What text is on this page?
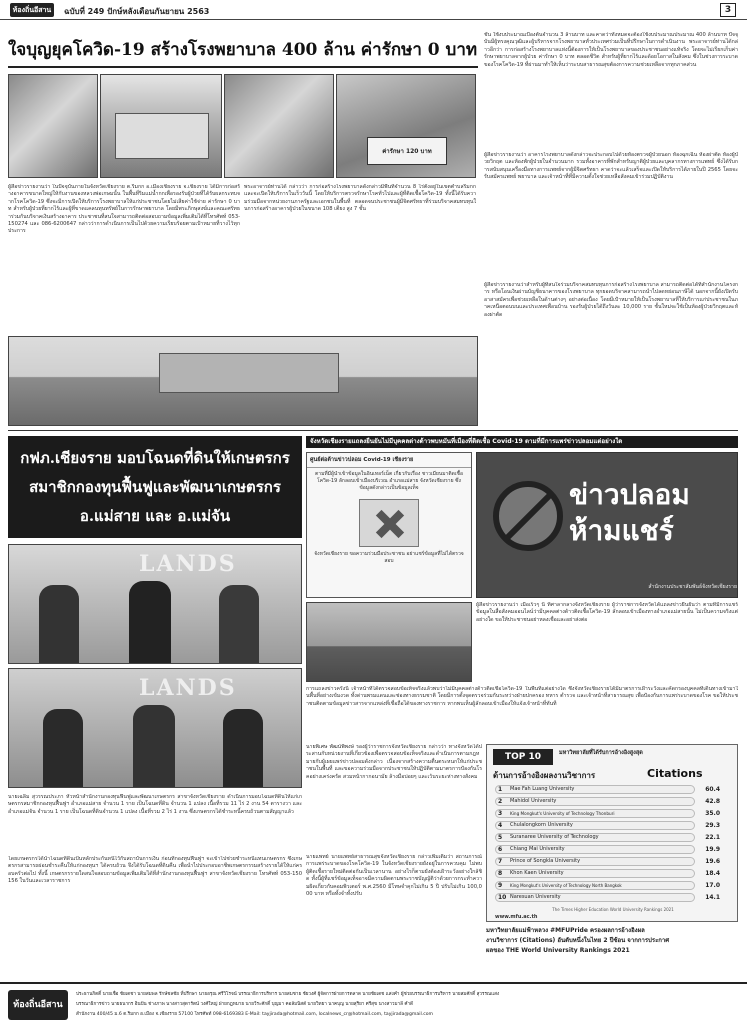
ท้องถิ่นอีสาน	ฉบับที่ 249 ปักษ์หลังเดือนกันยายน 2563	3
ใจบุญยุคโควิด-19 สร้างโรงพยาบาล 400 ล้าน ค่ารักษา 0 บาท
ค่ารักษา 120 บาท
ผู้สื่อข่าวรายงานว่า ในปัจจุบันภายในจังหวัดเชียงราย ต.ริมกก อ.เมืองเชียงราย จ.เชียงราย ได้มีการก่อสร้างอาคารขนาดใหญ่ให้กับงานของหลวงพ่อเกษมนั้น ในพื้นที่ริมแม่น้ำกกเพื่อรองรับผู้ป่วยที่ได้รับผลกระทบจากโรคโควิด-19 ซึ่งจะมีการเปิดให้บริการโรงพยาบาลให้แก่ประชาชนโดยไม่เสียค่าใช้จ่าย ค่ารักษา 0 บาท สำหรับผู้ป่วยที่ยากไร้และผู้ที่ขาดแคลนทุนทรัพย์ในการรักษาพยาบาล โดยมีพระภิกษุสงฆ์และคณะศรัทธาร่วมกันบริจาคเงินสร้างอาคาร ประชาชนที่สนใจสามารถติดต่อสอบถามข้อมูลเพิ่มเติมได้ที่โทรศัพท์ 053-150274 และ 086-6200647 กล่าวว่าการดำเนินการเป็นไปด้วยความเรียบร้อยตามเป้าหมายที่วางไว้ทุกประการ
พระอาจารย์ท่านได้ กล่าวว่า การก่อสร้างโรงพยาบาลดังกล่าวมีพื้นที่จำนวน 8 ไร่ตั้งอยู่ในเขตตำบลริมกก และจะเปิดให้บริการในเร็ววันนี้ โดยให้บริการตรวจรักษาโรคทั่วไปและผู้ที่ติดเชื้อโควิด-19 ทั้งนี้ได้รับความร่วมมือจากหน่วยงานภาครัฐและเอกชนในพื้นที่ ตลอดจนประชาชนผู้มีจิตศรัทธาที่ร่วมบริจาคสมทบทุนในการก่อสร้างอาคารผู้ป่วยในขนาด 108 เตียง สูง 7 ชั้น
ชั้น ใช้งบประมาณเบื้องต้นจำนวน 3 ล้านบาท และคาดว่าทั้งหมดจะต้องใช้งบประมาณประมาณ 400 ล้านบาท ปัจจุบันมีผู้ทรงคุณวุฒิและผู้บริหารจากโรงพยาบาลทั่วประเทศร่วมเป็นที่ปรึกษาในการดำเนินงาน พระอาจารย์ท่านได้กล่าวอีกว่า การก่อสร้างโรงพยาบาลแห่งนี้ต้องการให้เป็นโรงพยาบาลของประชาชนอย่างแท้จริง โดยจะไม่เรียกเก็บค่ารักษาพยาบาลจากผู้ป่วย ค่ารักษา 0 บาท ตลอดชีวิต สำหรับผู้ที่ยากไร้และด้อยโอกาสในสังคม ซึ่งในช่วงการระบาดของโรคโควิด-19 ที่ผ่านมาทำให้เห็นว่าระบบสาธารณสุขต้องการความช่วยเหลือจากทุกภาคส่วน
ผู้สื่อข่าวรายงานว่า อาคารโรงพยาบาลดังกล่าวจะประกอบไปด้วยห้องตรวจผู้ป่วยนอก ห้องฉุกเฉิน ห้องผ่าตัด ห้องผู้ป่วยวิกฤต และห้องพักผู้ป่วยในจำนวนมาก รวมทั้งอาคารที่พักสำหรับญาติผู้ป่วยและบุคลากรทางการแพทย์ ซึ่งได้รับการสนับสนุนเครื่องมือทางการแพทย์จากผู้มีจิตศรัทธา คาดว่าจะแล้วเสร็จและเปิดให้บริการได้ภายในปี 2565 โดยจะรับสมัครแพทย์ พยาบาล และเจ้าหน้าที่ที่มีความตั้งใจช่วยเหลือสังคมเข้าร่วมปฏิบัติงาน
ผู้สื่อข่าวรายงานว่าสำหรับผู้ที่สนใจร่วมบริจาคสมทบทุนการก่อสร้างโรงพยาบาล สามารถติดต่อได้ที่สำนักงานโครงการ หรือโอนเงินผ่านบัญชีธนาคารของโรงพยาบาล ทุกยอดบริจาคสามารถนำไปลดหย่อนภาษีได้ นอกจากนี้ยังเปิดรับอาสาสมัครเพื่อช่วยเหลือในด้านต่างๆ อย่างต่อเนื่อง โดยมีเป้าหมายให้เป็นโรงพยาบาลที่ให้บริการแก่ประชาชนในภาคเหนือตอนบนและประเทศเพื่อนบ้าน รองรับผู้ป่วยได้ถึงวันละ 10,000 ราย ชั้นใหม่จะใช้เป็นห้องผู้ป่วยวิกฤตและห้องผ่าตัด
กฟภ.เชียงราย มอบโฉนดที่ดินให้เกษตรกร
สมาชิกกองทุนฟื้นฟูและพัฒนาเกษตรกร
อ.แม่สาย และ อ.แม่จัน
LANDS
LANDS
นายเฉลิม สุวรรณประภา หัวหน้าสำนักงานกองทุนฟื้นฟูและพัฒนาเกษตรกร สาขาจังหวัดเชียงราย ดำเนินการมอบโฉนดที่ดินให้แก่เกษตรกรสมาชิกกองทุนฟื้นฟูฯ อำเภอแม่สาย จำนวน 1 ราย เป็นโฉนดที่ดิน จำนวน 1 แปลง เนื้อที่รวม 11 ไร่ 2 งาน 54 ตารางวา และอำเภอแม่จัน จำนวน 1 ราย เป็นโฉนดที่ดินจำนวน 1 แปลง เนื้อที่รวม 2 ไร่ 1 งาน ซึ่งเกษตรกรได้ชำระหนี้ครบถ้วนตามสัญญาแล้ว
โดยเกษตรกรได้นำโฉนดที่ดินเป็นหลักประกันหนี้ไว้กับสถาบันการเงิน ก่อนที่กองทุนฟื้นฟูฯ จะเข้าไปช่วยชำระหนี้แทนเกษตรกร ซึ่งเกษตรกรสามารถผ่อนชำระคืนให้แก่กองทุนฯ ได้ครบถ้วน จึงได้รับโฉนดที่ดินคืน เพื่อนำไปประกอบอาชีพเกษตรกรรมสร้างรายได้ให้แก่ครอบครัวต่อไป ทั้งนี้ เกษตรกรรายใดสนใจสอบถามข้อมูลเพิ่มเติมได้ที่สำนักงานกองทุนฟื้นฟูฯ สาขาจังหวัดเชียงราย โทรศัพท์ 053-150156 ในวันและเวลาราชการ
จังหวัดเชียงรายแถลงยืนยันไม่มีบุคคลต่างด้าวพบหมันที่เมืองที่ติดเชื้อ Covid-19 ตามที่มีการแพร่ข่าวปลอมแต่อย่างใด
ศูนย์ต่อต้านข่าวปลอม Covid-19 เชียงราย
ตามที่มีผู้นำเข้าข้อมูลในอินเทอร์เน็ต เกี่ยวกับเรื่อง ชาวเมียนมาติดเชื้อโควิด-19 ลักลอบเข้าเมืองบริเวณ อำเภอแม่สาย จังหวัดเชียงราย ซึ่งข้อมูลดังกล่าวเป็นข้อมูลเท็จ
จังหวัดเชียงราย ขอความร่วมมือประชาชน อย่าแชร์ข้อมูลที่ไม่ได้ตรวจสอบ
ข่าวปลอม
ห้ามแชร์
สำนักงานประชาสัมพันธ์จังหวัดเชียงราย
ผู้สื่อข่าวรายงานว่า เมื่อเร็วๆ นี้ ที่ศาลากลางจังหวัดเชียงราย ผู้ว่าราชการจังหวัดได้แถลงข่าวยืนยันว่า ตามที่มีการแชร์ข้อมูลในสื่อสังคมออนไลน์ว่ามีบุคคลต่างด้าวติดเชื้อโควิด-19 ลักลอบเข้าเมืองทางอำเภอแม่สายนั้น ไม่เป็นความจริงแต่อย่างใด ขอให้ประชาชนอย่าหลงเชื่อและอย่าส่งต่อ
การแถลงข่าวครั้งนี้ เจ้าหน้าที่ได้ตรวจสอบข้อเท็จจริงแล้วพบว่าไม่มีบุคคลต่างด้าวติดเชื้อโควิด-19 ในพื้นที่แต่อย่างใด ซึ่งจังหวัดเชียงรายได้มีมาตรการเฝ้าระวังและคัดกรองบุคคลที่เดินทางเข้ามาในพื้นที่อย่างเข้มงวด ทั้งด่านพรมแดนและช่องทางธรรมชาติ โดยมีการตั้งจุดตรวจร่วมกันระหว่างฝ่ายปกครอง ทหาร ตำรวจ และเจ้าหน้าที่สาธารณสุข เพื่อป้องกันการแพร่ระบาดของโรค ขอให้ประชาชนติดตามข้อมูลข่าวสารจากแหล่งที่เชื่อถือได้ของทางราชการ หากพบเห็นผู้ลักลอบเข้าเมืองให้แจ้งเจ้าหน้าที่ทันที
นายพิเศษ พัฒน์พิพงษ์ รองผู้ว่าราชการจังหวัดเชียงราย กล่าวว่า ทางจังหวัดได้ประสานกับหน่วยงานที่เกี่ยวข้องเพื่อตรวจสอบข้อเท็จจริงและดำเนินการตามกฎหมายกับผู้เผยแพร่ข่าวปลอมดังกล่าว เนื่องจากสร้างความตื่นตระหนกให้แก่ประชาชนในพื้นที่ และขอความร่วมมือจากประชาชนให้ปฏิบัติตามมาตรการป้องกันโรคอย่างเคร่งครัด สวมหน้ากากอนามัย ล้างมือบ่อยๆ และเว้นระยะห่างทางสังคม
นายแพทย์ นายแพทย์สาธารณสุขจังหวัดเชียงราย กล่าวเพิ่มเติมว่า สถานการณ์การแพร่ระบาดของโรคโควิด-19 ในจังหวัดเชียงรายยังอยู่ในการควบคุม ไม่พบผู้ติดเชื้อรายใหม่ติดต่อกันเป็นเวลานาน อย่างไรก็ตามยังต้องเฝ้าระวังอย่างใกล้ชิด ทั้งนี้ผู้ที่แชร์ข้อมูลเท็จอาจมีความผิดตามพระราชบัญญัติว่าด้วยการกระทำความผิดเกี่ยวกับคอมพิวเตอร์ พ.ศ.2560 มีโทษจำคุกไม่เกิน 5 ปี ปรับไม่เกิน 100,000 บาท หรือทั้งจำทั้งปรับ
TOP 10	มหาวิทยาลัยที่ได้รับการอ้างอิงสูงสุด
ด้านการอ้างอิงผลงานวิชาการ	Citations
1 Mae Fah Luang University	60.4
2 Mahidol University	42.8
3 King Mongkut's University of Technology Thonburi	35.0
4 Chulalongkorn University	29.3
5 Suranaree University of Technology	22.1
6 Chiang Mai University	19.9
7 Prince of Songkla University	19.6
8 Khon Kaen University	18.4
9 King Mongkut's University of Technology North Bangkok	17.0
10 Naresuan University	14.1
The Times Higher Education World University Rankings 2021
www.mfu.ac.th
มหาวิทยาลัยแม่ฟ้าหลวง #MFUPride ครองผลการอ้างอิงผล
งานวิชาการ (Citations) อันดับหนึ่งในไทย 2 ปีซ้อน จากการประกาศ
ผลของ THE World University Rankings 2021
ท้องถิ่นอีสาน
ประธานกิตติ์ นายเชื่อ ชัยเดชา นายสมพล รักษ์ชลชัย ที่ปรึกษา นายอรุณ ศรีวิโรจน์ บรรณาธิการบริหาร นายสมชาย ชัยวงศ์ ผู้จัดการฝ่ายการตลาด นายชัยเดช แสงคำ ผู้ช่วยบรรณาธิการบริหาร นายสมศักดิ์ สุวรรณแสง
บรรณาธิการข่าว นายธนากร อินปัน ช่างภาพ นางสาวสุดารัตน์ วงศ์ใหญ่ ฝ่ายกฎหมาย นายวีระศักดิ์ บุญมา คอลัมนิสต์ นายวิทยา นาคบุญ นายสุริยา ศรีสุข นางสาวมาลี คำดี
สำนักงาน 400/45 ม.6 ต.ริมกก อ.เมือง จ.เชียงราย 57100 โทรศัพท์ 098-6169383 E-Mail: tayjirada@hotmail.com, localnews_cr@hotmail.com, tayjirada@gmail.com
